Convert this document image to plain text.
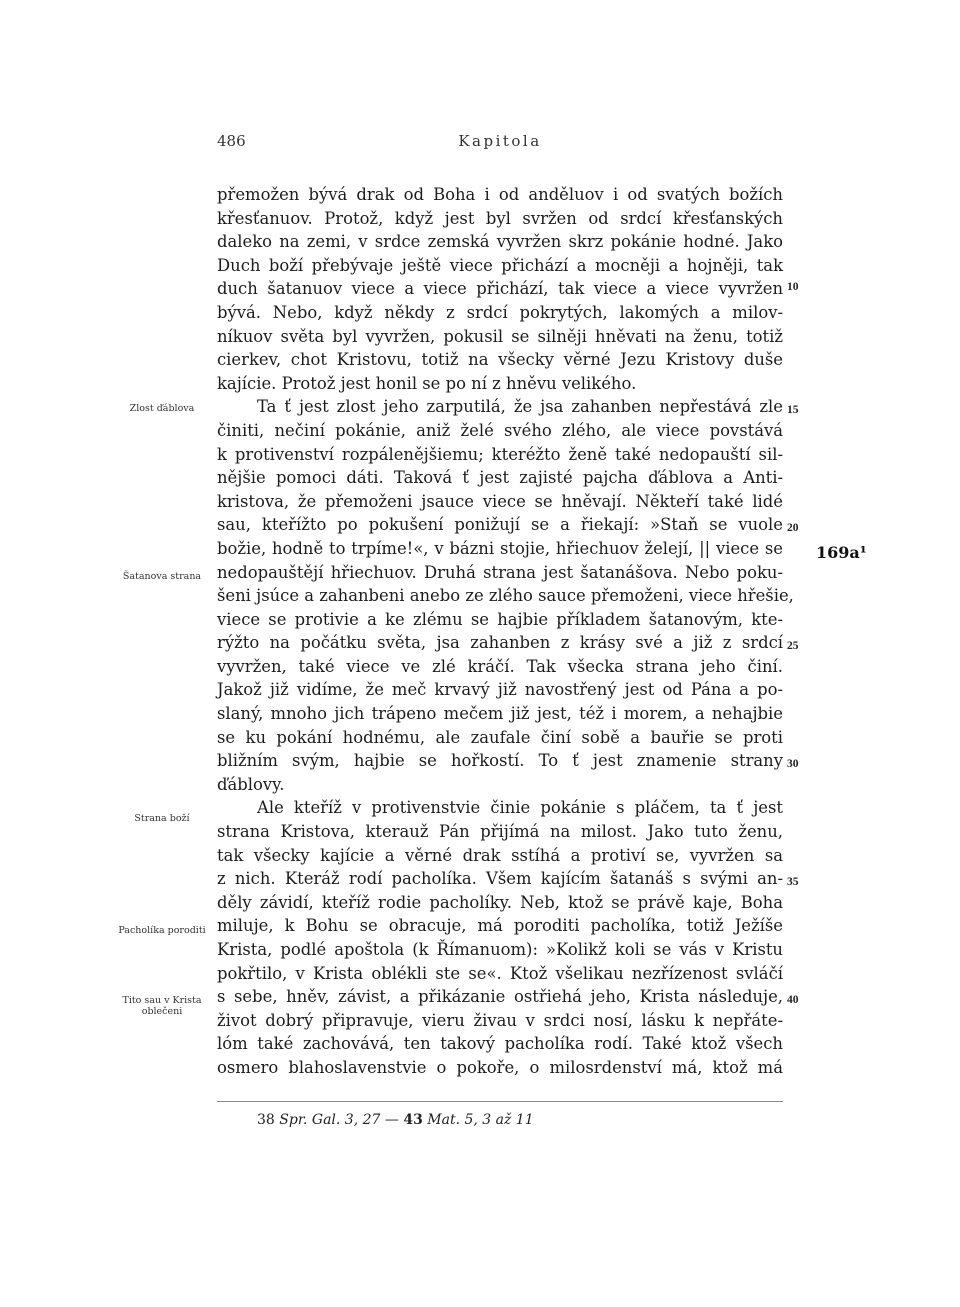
486	Kapitola
přemožen bývá drak od Boha i od anděluov i od svatých božích
křesťanuov. Protož, když jest byl svržen od srdcí křesťanských
daleko na zemi, v srdce zemská vyvržen skrz pokánie hodné. Jako
Duch boží přebývaje ještě viece přichází a mocněji a hojněji, tak
duch šatanuov viece a viece přichází, tak viece a viece vyvržen
bývá. Nebo, když někdy z srdcí pokrytých, lakomých a milov-
níkuov světa byl vyvržen, pokusil se silněji hněvati na ženu, totiž
cierkev, chot Kristovu, totiž na všecky věrné Jezu Kristovy duše
kajície. Protož jest honil se po ní z hněvu velikého.
Ta ť jest zlost jeho zarputilá, že jsa zahanben nepřestává zle
činiti, nečiní pokánie, aniž želé svého zlého, ale viece povstává
k protivenství rozpálenějšiemu; kteréžto ženě také nedopauští sil-
nějšie pomoci dáti. Taková ť jest zajisté pajcha ďáblova a Anti-
kristova, že přemoženi jsauce viece se hněvají. Někteří také lidé
sau, kteřížto po pokušení ponižují se a řiekají: »Staň se vuole
božie, hodně to trpíme!«, v bázni stojie, hřiechuov želejí, || viece se
nedopauštějí hřiechuov. Druhá strana jest šatanášova. Nebo poku-
šeni jsúce a zahanbeni anebo ze zlého sauce přemoženi, viece hřešie,
viece se protivie a ke zlému se hajbie příkladem šatanovým, kte-
rýžto na počátku světa, jsa zahanben z krásy své a již z srdcí
vyvržen, také viece ve zlé kráčí. Tak všecka strana jeho činí.
Jakož již vidíme, že meč krvavý již navostřený jest od Pána a po-
slaný, mnoho jich trápeno mečem již jest, též i morem, a nehajbie
se ku pokání hodnému, ale zaufale činí sobě a bauřie se proti
bližním svým, hajbie se hořkostí. To ť jest znamenie strany
ďáblovy.
Ale kteříž v protivenstvie činie pokánie s pláčem, ta ť jest
strana Kristova, kterauž Pán přijímá na milost. Jako tuto ženu,
tak všecky kajície a věrné drak sstíhá a protiví se, vyvržen sa
z nich. Kteráž rodí pacholíka. Všem kajícím šatanáš s svými an-
děly závidí, kteříž rodie pacholíky. Neb, ktož se právě kaje, Boha
miluje, k Bohu se obracuje, má poroditi pacholíka, totiž Ježíše
Krista, podlé apoštola (k Římanuom): »Kolikž koli se vás v Kristu
pokřtilo, v Krista oblékli ste se«. Ktož všelikau nezřízenost svláčí
s sebe, hněv, závist, a přikázanie ostřiehá jeho, Krista následuje,
život dobrý připravuje, vieru živau v srdci nosí, lásku k nepřáte-
lóm také zachovává, ten takový pacholíka rodí. Také ktož všech
osmero blahoslavenstvie o pokoře, o milosrdenství má, ktož má
10
15
20
25
30
35
40
Zlost ďáblova
Šatanova strana
Strana boží
Pacholíka poroditi
Tito sau v Krista oblečeni
169a¹
38 Spr. Gal. 3, 27 — 43 Mat. 5, 3 až 11
